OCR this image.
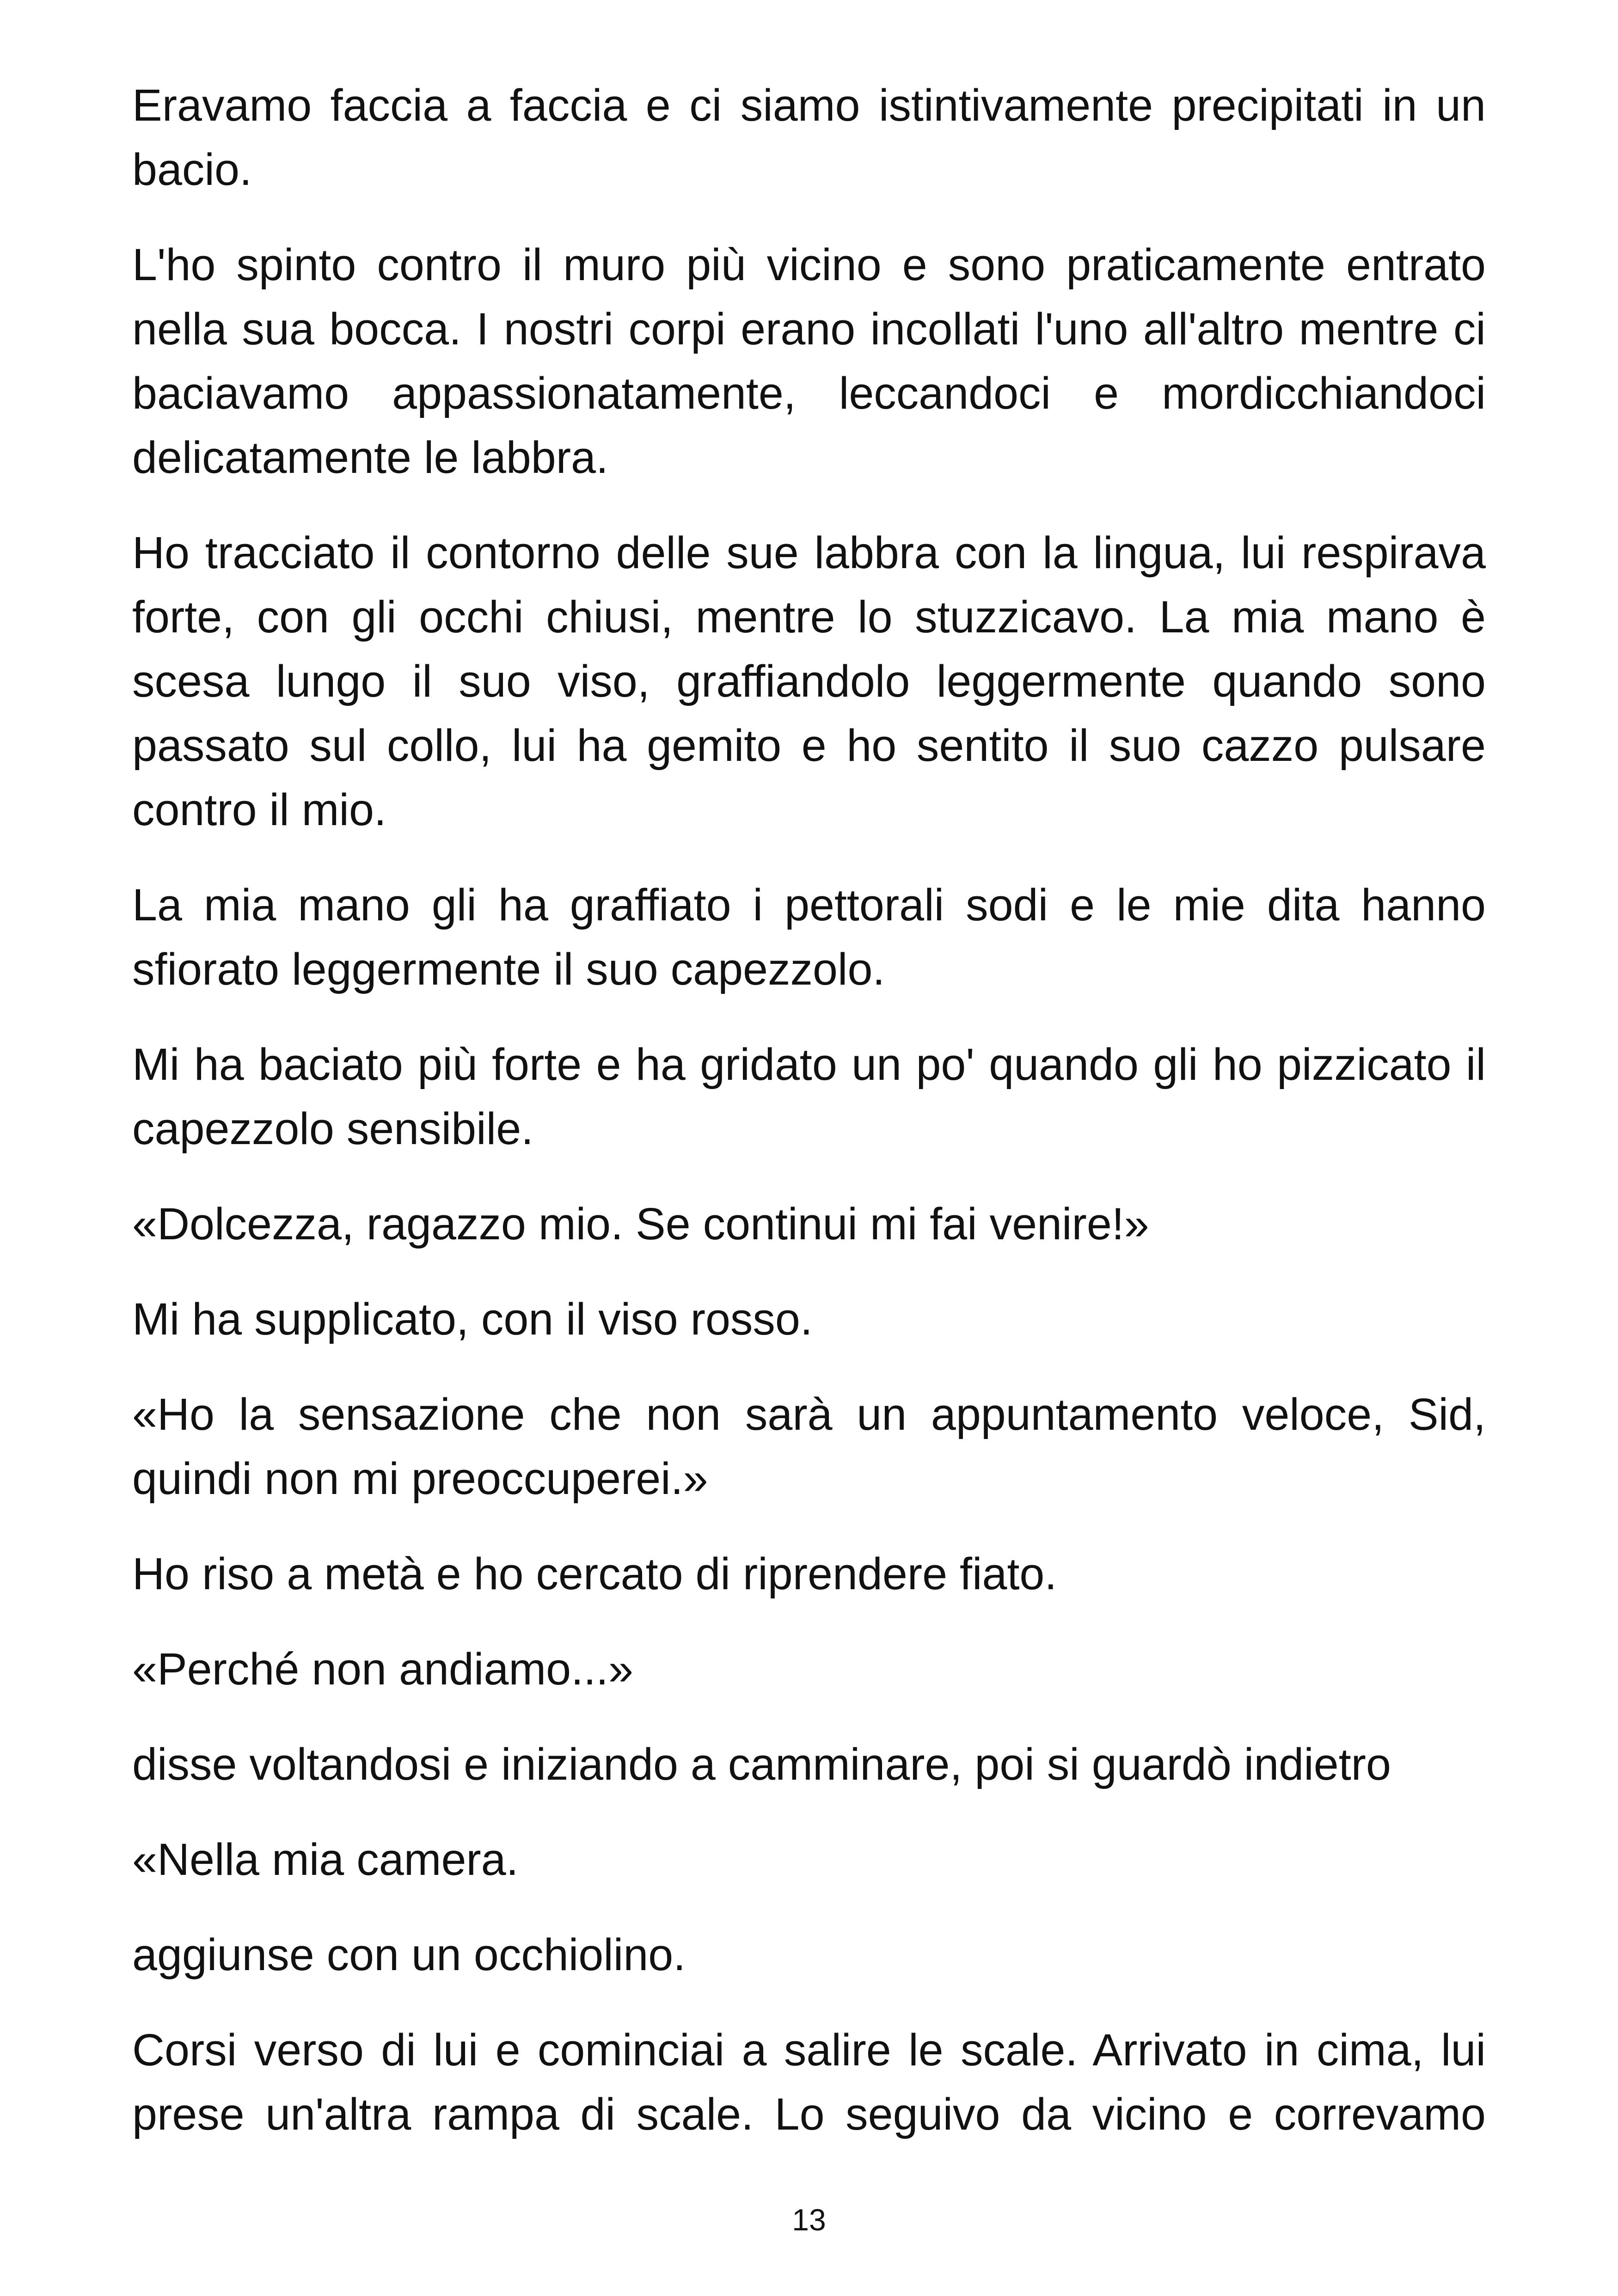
Eravamo faccia a faccia e ci siamo istintivamente precipitati in un bacio.

L'ho spinto contro il muro più vicino e sono praticamente entrato nella sua bocca. I nostri corpi erano incollati l'uno all'altro mentre ci baciavamo appassionatamente, leccandoci e mordicchiandoci delicatamente le labbra.

Ho tracciato il contorno delle sue labbra con la lingua, lui respirava forte, con gli occhi chiusi, mentre lo stuzzicavo. La mia mano è scesa lungo il suo viso, graffiandolo leggermente quando sono passato sul collo, lui ha gemito e ho sentito il suo cazzo pulsare contro il mio.

La mia mano gli ha graffiato i pettorali sodi e le mie dita hanno sfiorato leggermente il suo capezzolo.

Mi ha baciato più forte e ha gridato un po' quando gli ho pizzicato il capezzolo sensibile.

«Dolcezza, ragazzo mio. Se continui mi fai venire!»

Mi ha supplicato, con il viso rosso.

«Ho la sensazione che non sarà un appuntamento veloce, Sid, quindi non mi preoccuperei.»

Ho riso a metà e ho cercato di riprendere fiato.

«Perché non andiamo...»

disse voltandosi e iniziando a camminare, poi si guardò indietro

«Nella mia camera.

aggiunse con un occhiolino.

Corsi verso di lui e cominciai a salire le scale. Arrivato in cima, lui prese un'altra rampa di scale. Lo seguivo da vicino e correvamo

13
